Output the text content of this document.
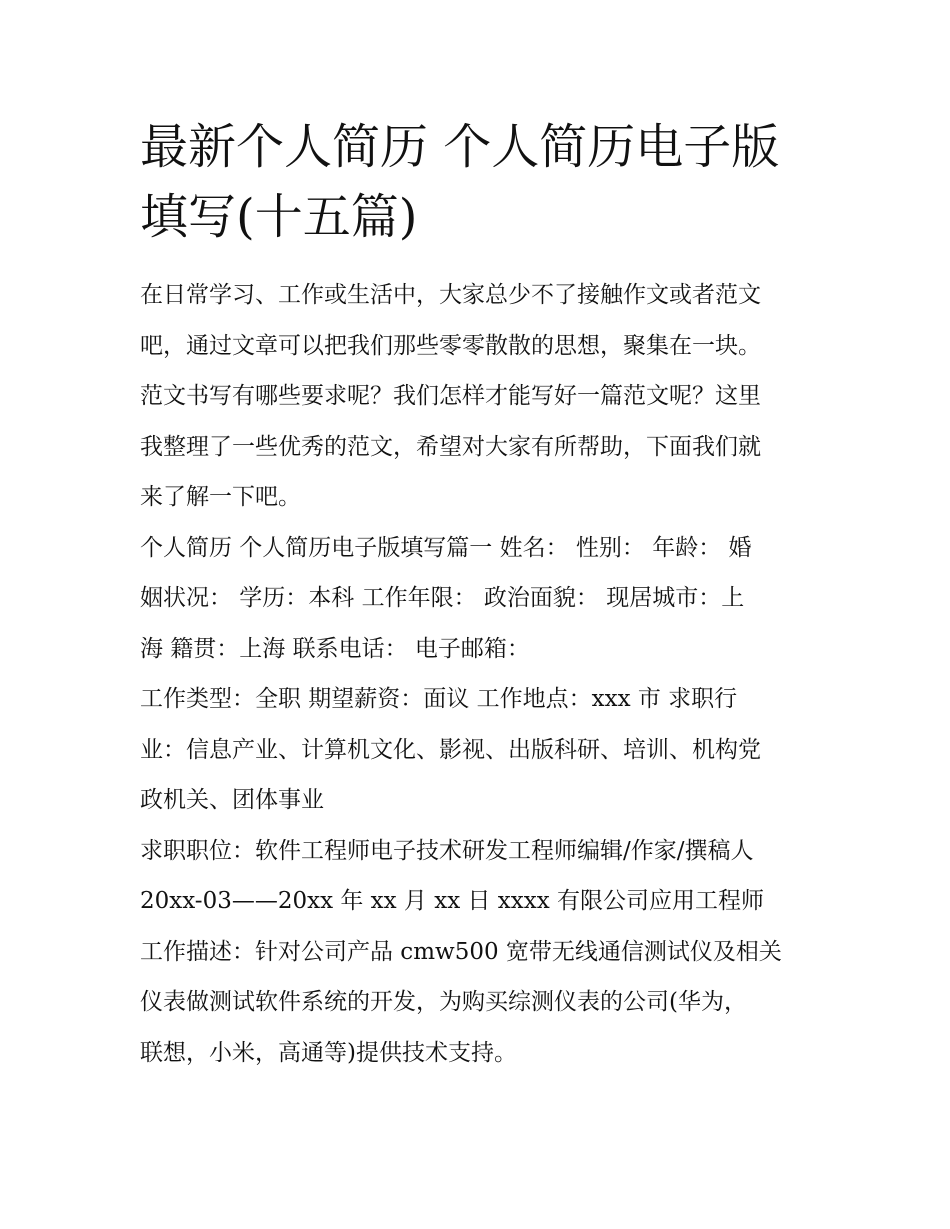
最新个人简历 个人简历电子版
填写(十五篇)

在日常学习、工作或生活中，大家总少不了接触作文或者范文
吧，通过文章可以把我们那些零零散散的思想，聚集在一块。
范文书写有哪些要求呢？我们怎样才能写好一篇范文呢？这里
我整理了一些优秀的范文，希望对大家有所帮助，下面我们就
来了解一下吧。

个人简历 个人简历电子版填写篇一 姓名： 性别： 年龄： 婚
姻状况： 学历：本科 工作年限： 政治面貌： 现居城市：上
海 籍贯：上海 联系电话： 电子邮箱：

工作类型：全职 期望薪资：面议 工作地点：xxx 市 求职行
业：信息产业、计算机文化、影视、出版科研、培训、机构党
政机关、团体事业

求职职位：软件工程师电子技术研发工程师编辑/作家/撰稿人

20xx-03——20xx 年 xx 月 xx 日 xxxx 有限公司应用工程师

工作描述：针对公司产品 cmw500 宽带无线通信测试仪及相关
仪表做测试软件系统的开发，为购买综测仪表的公司(华为，
联想，小米，高通等)提供技术支持。
